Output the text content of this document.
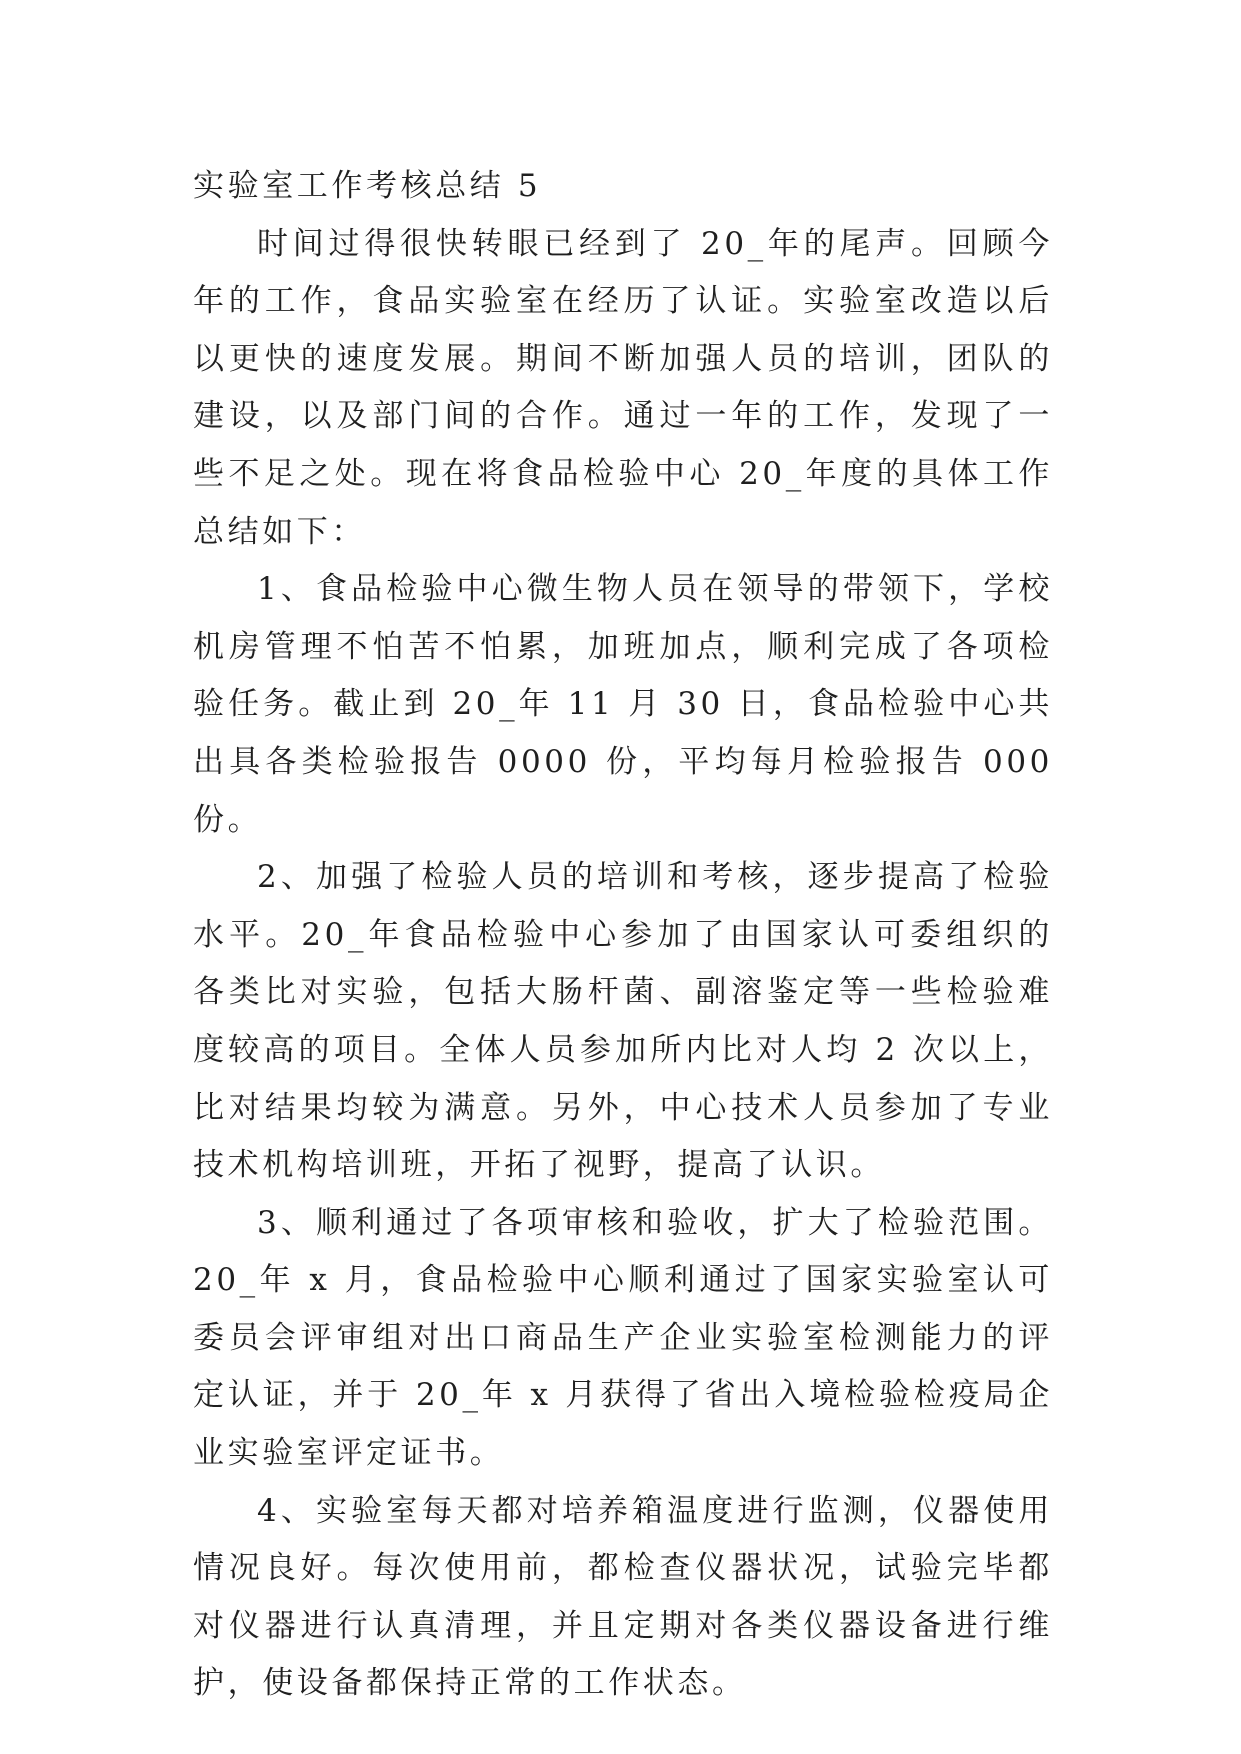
实验室工作考核总结 5

时间过得很快转眼已经到了 20_年的尾声。回顾今年的工作，食品实验室在经历了认证。实验室改造以后以更快的速度发展。期间不断加强人员的培训，团队的建设，以及部门间的合作。通过一年的工作，发现了一些不足之处。现在将食品检验中心 20_年度的具体工作总结如下：

1、食品检验中心微生物人员在领导的带领下，学校机房管理不怕苦不怕累，加班加点，顺利完成了各项检验任务。截止到 20_年 11 月 30 日，食品检验中心共出具各类检验报告 0000 份，平均每月检验报告 000 份。

2、加强了检验人员的培训和考核，逐步提高了检验水平。20_年食品检验中心参加了由国家认可委组织的各类比对实验，包括大肠杆菌、副溶鉴定等一些检验难度较高的项目。全体人员参加所内比对人均 2 次以上，比对结果均较为满意。另外，中心技术人员参加了专业技术机构培训班，开拓了视野，提高了认识。

3、顺利通过了各项审核和验收，扩大了检验范围。20_年 x 月，食品检验中心顺利通过了国家实验室认可委员会评审组对出口商品生产企业实验室检测能力的评定认证，并于 20_年 x 月获得了省出入境检验检疫局企业实验室评定证书。

4、实验室每天都对培养箱温度进行监测，仪器使用情况良好。每次使用前，都检查仪器状况，试验完毕都对仪器进行认真清理，并且定期对各类仪器设备进行维护，使设备都保持正常的工作状态。
